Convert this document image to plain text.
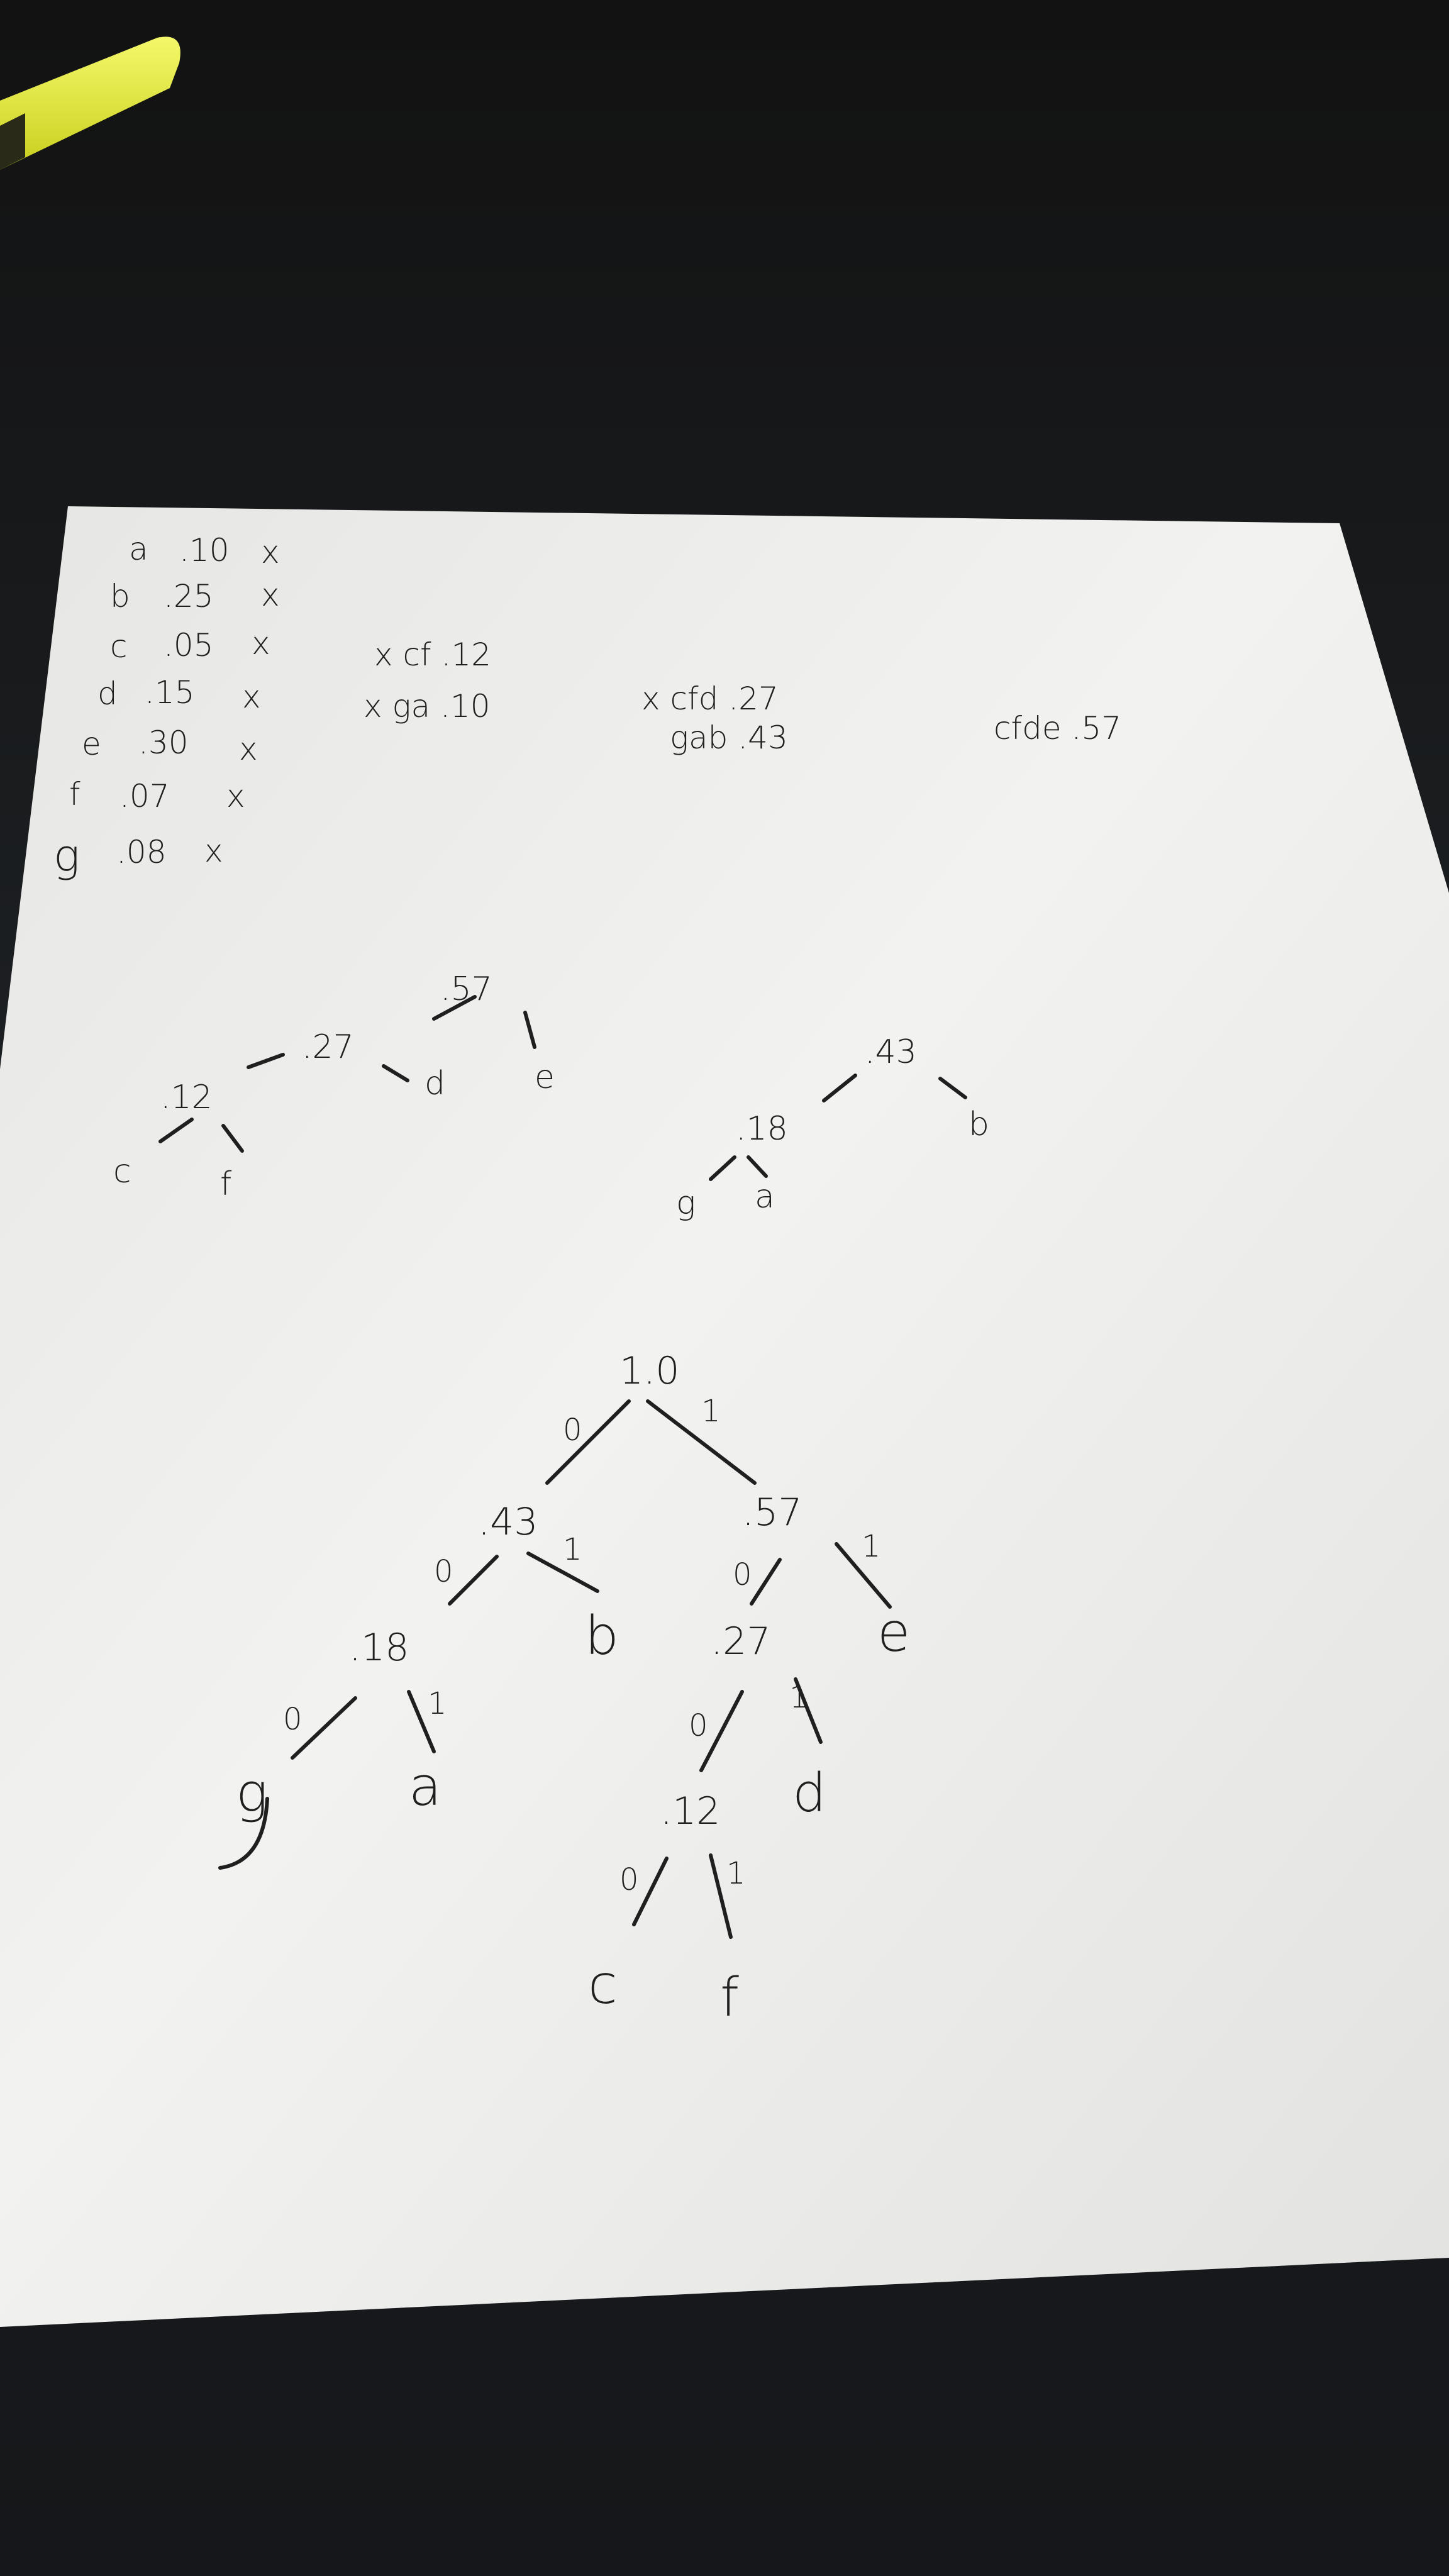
a .10 x
b .25 x
c .05 x
d .15 x
e .30 x
f .07 x
g .08 x
x cf .12
x ga .10	x cfd .27
gab .43	cfde .57
.57
.27
.12	d	e
c	f
.43
.18	b
g a
1.0
.43	.57
.18	.27
.12
b	e
g	a	d
c f
0
1
0
1
0
1
0	1
0
1
0	1
